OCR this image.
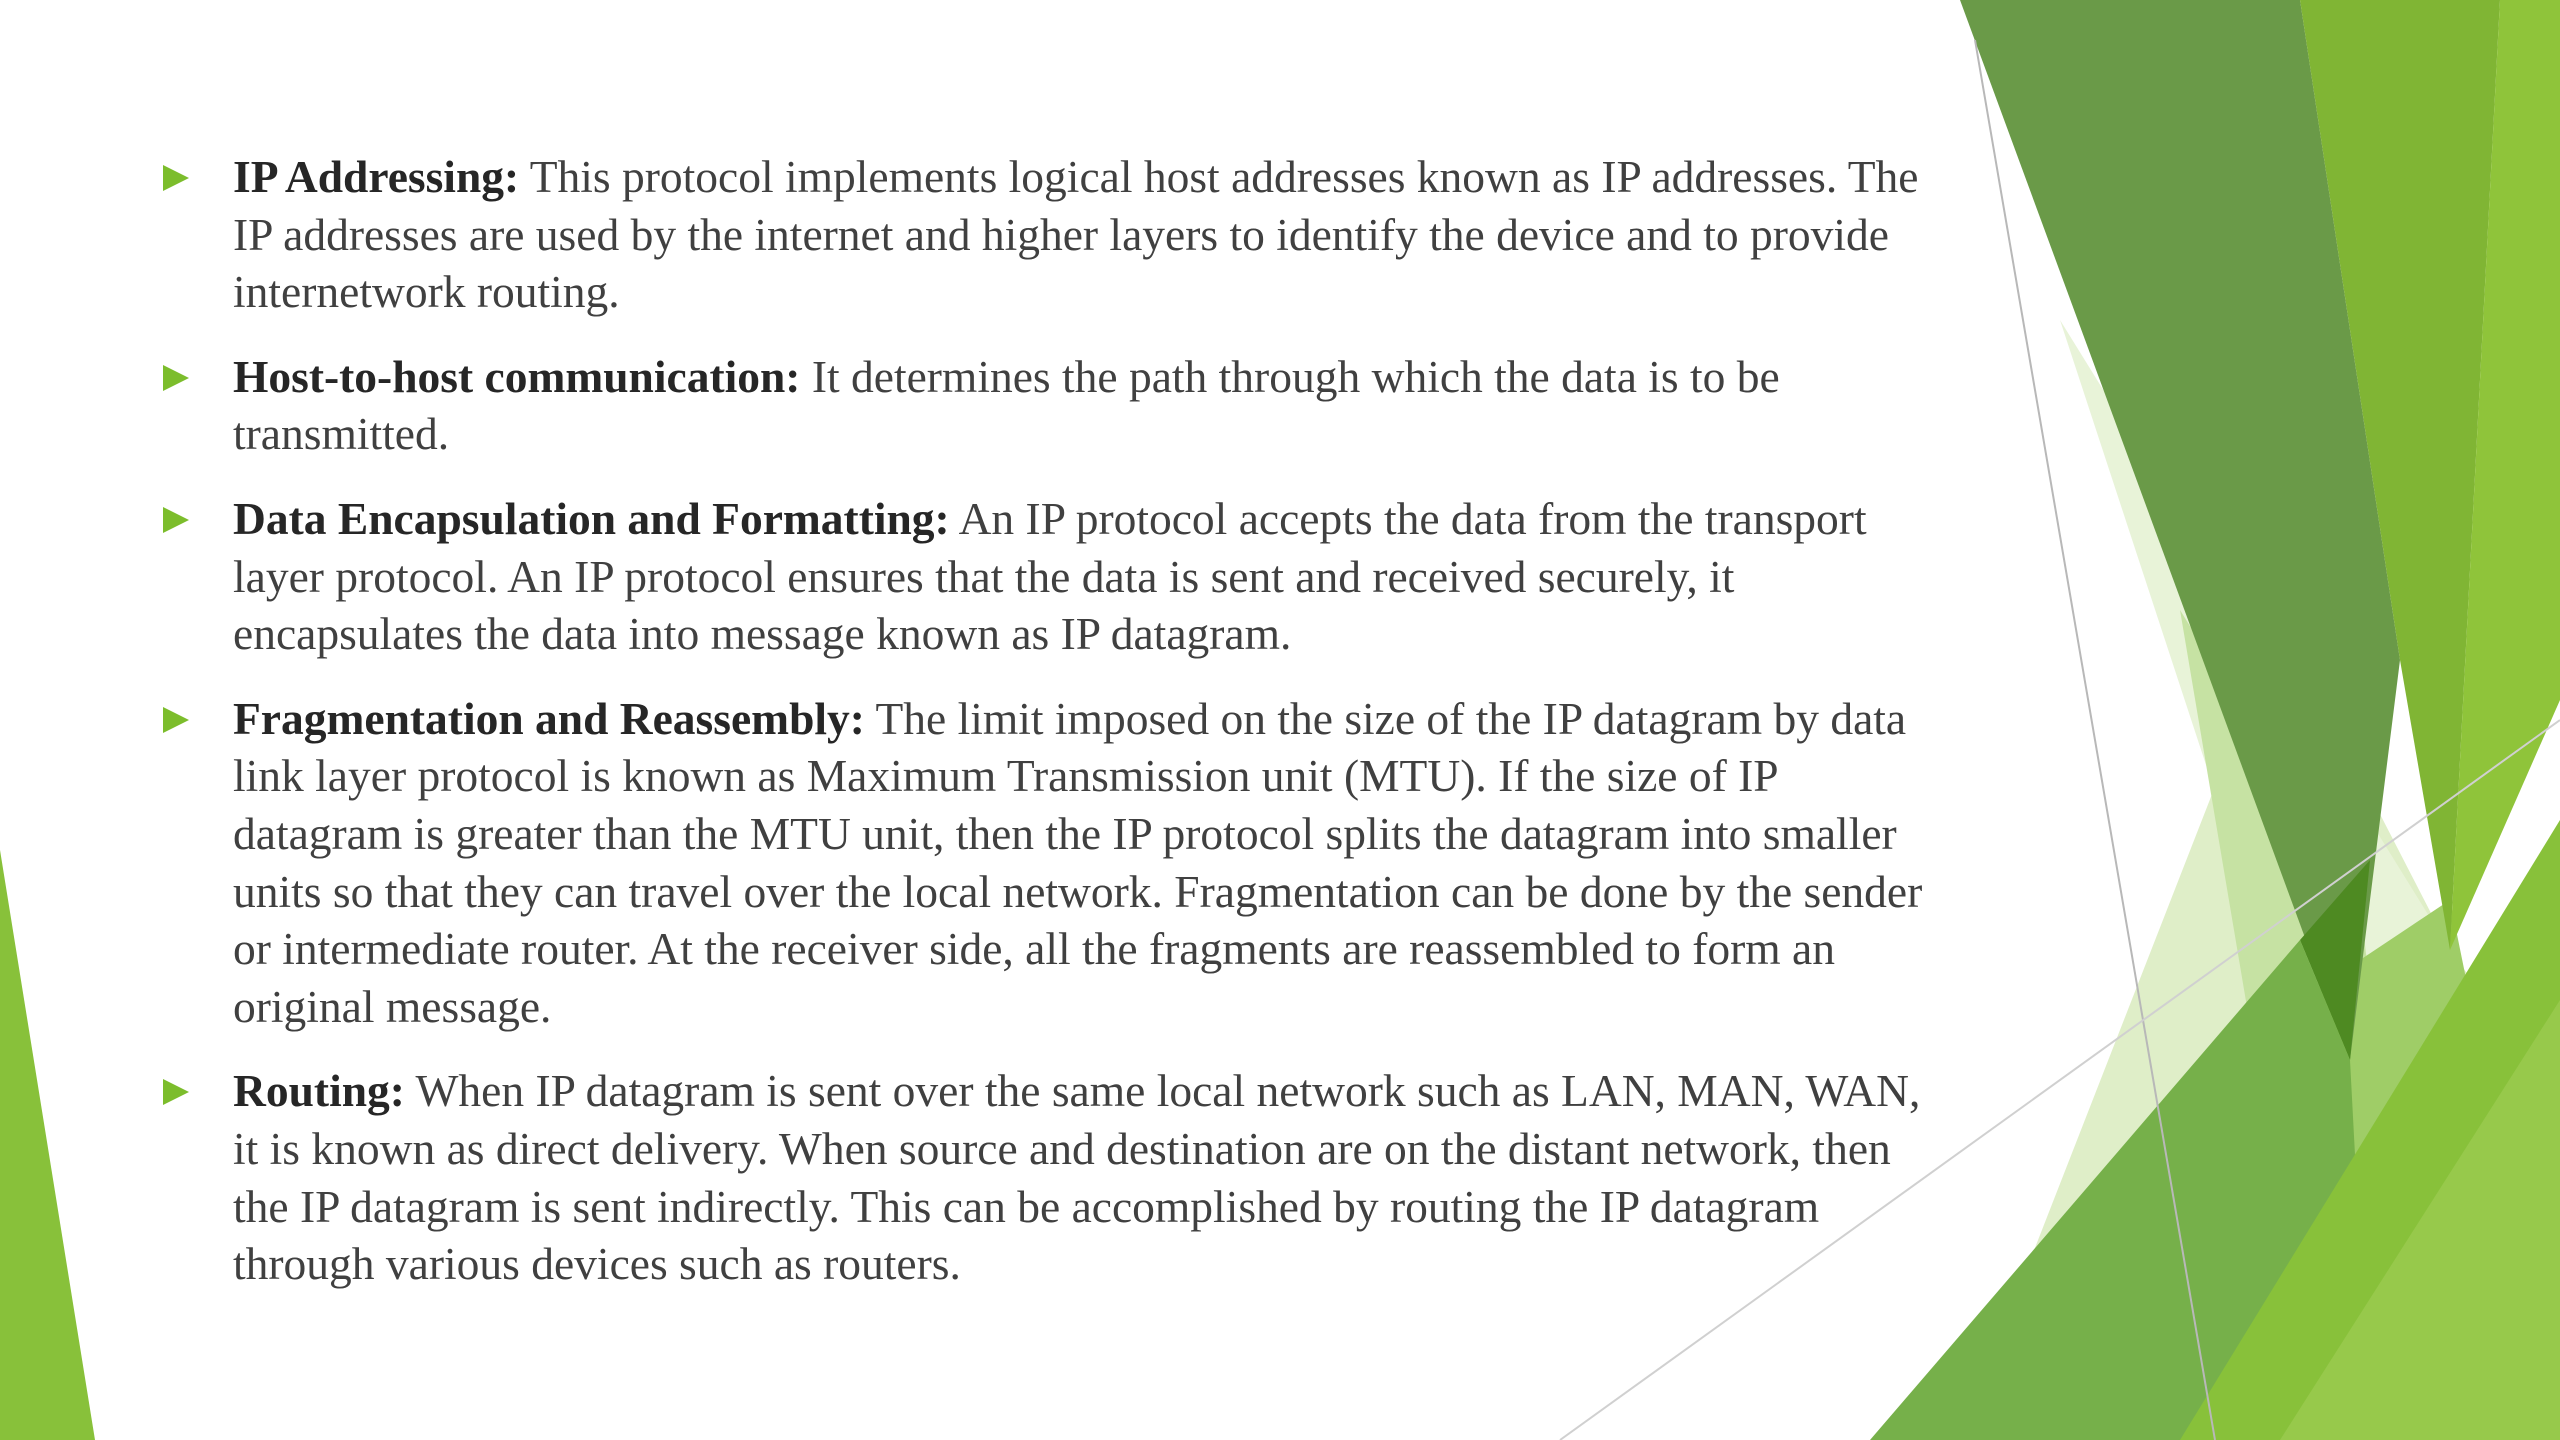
IP Addressing: This protocol implements logical host addresses known as IP addresses. The IP addresses are used by the internet and higher layers to identify the device and to provide internetwork routing.
Host-to-host communication: It determines the path through which the data is to be transmitted.
Data Encapsulation and Formatting: An IP protocol accepts the data from the transport layer protocol. An IP protocol ensures that the data is sent and received securely, it encapsulates the data into message known as IP datagram.
Fragmentation and Reassembly: The limit imposed on the size of the IP datagram by data link layer protocol is known as Maximum Transmission unit (MTU). If the size of IP datagram is greater than the MTU unit, then the IP protocol splits the datagram into smaller units so that they can travel over the local network. Fragmentation can be done by the sender or intermediate router. At the receiver side, all the fragments are reassembled to form an original message.
Routing: When IP datagram is sent over the same local network such as LAN, MAN, WAN, it is known as direct delivery. When source and destination are on the distant network, then the IP datagram is sent indirectly. This can be accomplished by routing the IP datagram through various devices such as routers.
